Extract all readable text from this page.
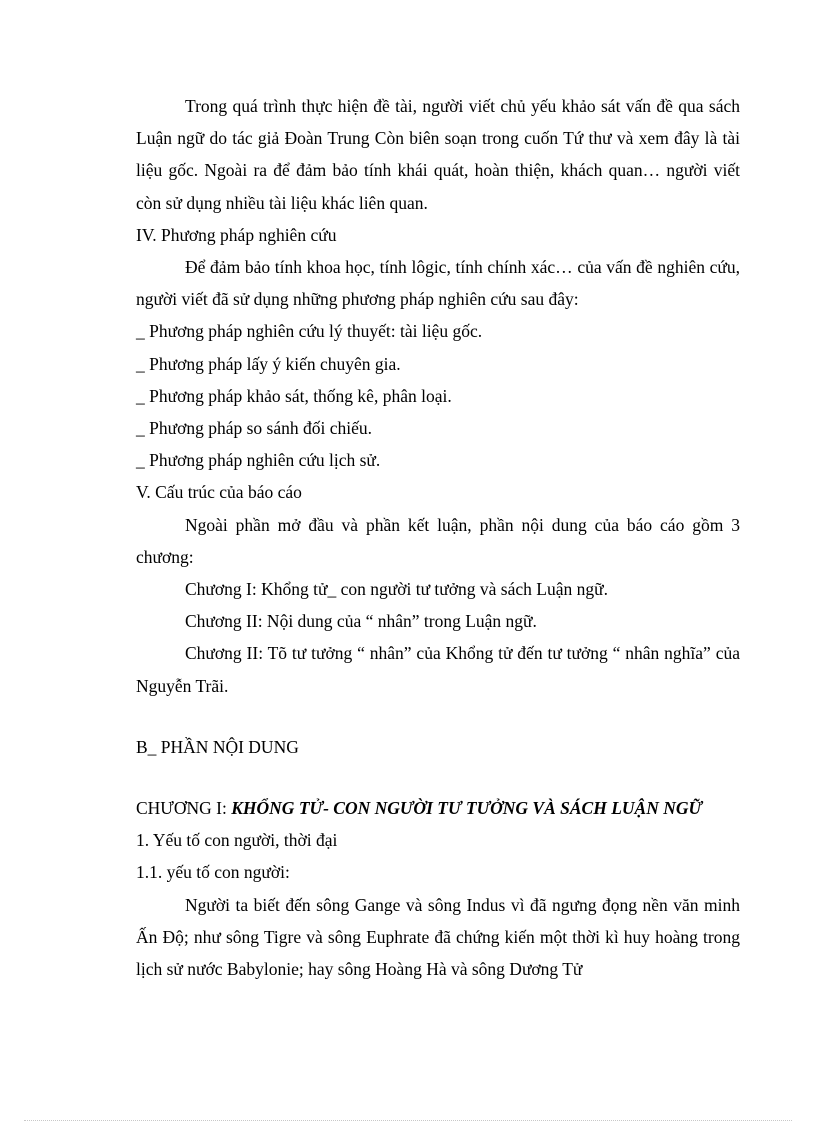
Trong quá trình thực hiện đề tài, người viết chủ yếu khảo sát vấn đề qua sách Luận ngữ do tác giả Đoàn Trung Còn biên soạn trong cuốn Tứ thư và xem đây là tài liệu gốc. Ngoài ra để đảm bảo tính khái quát, hoàn thiện, khách quan… người viết còn sử dụng nhiều tài liệu khác liên quan.

IV. Phương pháp nghiên cứu

Để đảm bảo tính khoa học, tính lôgic, tính chính xác… của vấn đề nghiên cứu, người viết đã sử dụng những phương pháp nghiên cứu sau đây:

_ Phương pháp nghiên cứu lý thuyết: tài liệu gốc.

_ Phương pháp lấy ý kiến chuyên gia.

_ Phương pháp khảo sát, thống kê, phân loại.

_ Phương pháp so sánh đối chiếu.

_ Phương pháp nghiên cứu lịch sử.

V. Cấu trúc của báo cáo

Ngoài phần mở đầu và phần kết luận, phần nội dung của báo cáo gồm 3 chương:

Chương I: Khổng tử_ con người tư tưởng và sách Luận ngữ.

Chương II: Nội dung của “ nhân” trong Luận ngữ.

Chương II: Tõ tư tưởng “ nhân” của Khổng tử đến tư tưởng “ nhân nghĩa” của Nguyễn Trãi.

B_ PHẦN NỘI DUNG

CHƯƠNG I: KHỔNG TỬ- CON NGƯỜI TƯ TƯỞNG VÀ SÁCH LUẬN NGỮ

1. Yếu tố con người, thời đại

1.1. yếu tố con người:

Người ta biết đến sông Gange và sông Indus vì đã ngưng đọng nền văn minh Ấn Độ; như sông Tigre và sông Euphrate đã chứng kiến một thời kì huy hoàng trong lịch sử nước Babylonie; hay sông Hoàng Hà và sông Dương Tử
